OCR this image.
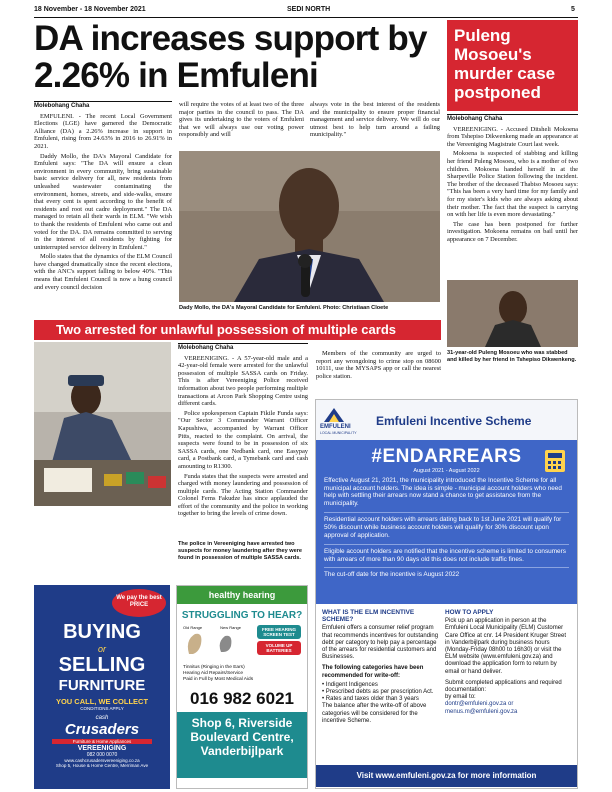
18 November - 18 November 2021	SEDI NORTH	5
DA increases support by 2.26% in Emfuleni
Molebohang Chaha

EMFULENI. - The recent Local Government Elections (LGE) have garnered the Democratic Alliance (DA) a 2.26% increase in support in Emfuleni, rising from 24.63% in 2016 to 26.91% in 2021.

Daddy Mollo, the DA's Mayoral Candidate for Emfuleni says: "The DA will ensure a clean environment in every community, bring sustainable basic service delivery for all, new residents from unleashed wastewater contaminating the environment, homes, streets, and side-walks, ensure that every cent is spent according to the benefit of residents and root out cadre deployment." The DA managed to retain all their wards in ELM. "We wish to thank the residents of Emfuleni who came out and voted for the DA. DA remains committed to serving in the interest of all residents by fighting for uninterrupted service delivery in Emfuleni."

Mollo states that the dynamics of the ELM Council have changed dramatically since the recent elections, with the ANC's support falling to below 40%. "This means that Emfuleni Council is now a hung council and every council decision

will require the votes of at least two of the three major parties in the council to pass. The DA gives its undertaking to the voters of Emfuleni that we will always use our voting power responsibly and will

always vote in the best interest of the residents and the municipality to ensure proper financial management and service delivery. We will do our utmost best to help turn around a failing municipality."

Dady Mollo, the DA's Mayoral Candidate for Emfuleni. Photo: Christiaan Cloete
Puleng Mosoeu's murder case postponed
Molebohang Chaha

VEREENIGING. - Accused Ditsheli Mokoena from Tshepiso Dikwenkeng made an appearance at the Vereeniging Magistrate Court last week.

Mokoena is suspected of stabbing and killing her friend Puleng Mosoeu, who is a mother of two children. Mokoena handed herself in at the Sharpeville Police Station following the incident. The brother of the deceased Thabiso Mosoeu says: "This has been a very hard time for my family and for my sister's kids who are always asking about their mother. The fact that the suspect is carrying on with her life is even more devastating."

The case has been postponed for further investigation. Mokoena remains on bail until her appearance on 7 December.

31-year-old Puleng Mosoeu who was stabbed and killed by her friend in Tshepiso Dikwenkeng.
Two arrested for unlawful possession of multiple cards
Molebohang Chaha

VEREENIGING. - A 57-year-old male and a 42-year-old female were arrested for the unlawful possession of multiple SASSA cards on Friday. This is after Vereeniging Police received information about two people performing multiple transactions at Arcon Park Shopping Centre using different cards.

Police spokesperson Captain Fikile Funda says: "Our Sector 3 Commander Warrant Officer Kapushiwa, accompanied by Warrant Officer Pitts, reacted to the complaint. On arrival, the suspects were found to be in possession of six SASSA cards, one Nedbank card, one Easypay card, a Postbank card, a Tymebank card and cash amounting to R1300.

Funda states that the suspects were arrested and charged with money laundering and possession of multiple cards. The Acting Station Commander Colonel Ferns Fakudze has since applauded the effort of the community and the police in working together to bring the levels of crime down.

The police in Vereeniging have arrested two suspects for money laundering after they were found in possession of multiple SASSA cards.

Members of the community are urged to report any wrongdoing to crime stop on 08600 10111, use the MYSAPS app or call the nearest police station.

We pay the best PRICE
BUYING
or
SELLING
FURNITURE
YOU CALL, WE COLLECT
CONDITIONS APPLY
cash
Crusaders
Furniture & Home Appliances
VEREENIGING
082 000 0070
www.cashcrusadersvereeniging.co.za
Shop 5, House & Home Centre, Merriman Ave
healthy hearing
STRUGGLING TO HEAR?
Old Range	New Range	FREE HEARING SCREEN TEST
VOLUME UP BATTERIES
Tinnitus (Ringing in the Ears)
Hearing Aid Repairs/Service
Paid in Full by Most Medical Aids
016 982 6021
Shop 6, Riverside
Boulevard Centre,
Vanderbijlpark
EMFULENI
LOCAL MUNICIPALITY
Emfuleni Incentive Scheme
#ENDARREARS
August 2021 - August 2022
Effective August 21, 2021, the municipality introduced the Incentive Scheme for all municipal account holders. The idea is simple - municipal account holders who need help with settling their arrears now stand a chance to get assistance from the municipality.
Residential account holders with arrears dating back to 1st June 2021 will qualify for 50% discount while business account holders will qualify for 30% discount upon approval of application.
Eligible account holders are notified that the incentive scheme is limited to consumers with arrears of more than 90 days old this does not include traffic fines.
The cut-off date for the incentive is August 2022
WHAT IS THE ELM INCENTIVE SCHEME?
Emfuleni offers a consumer relief program that recommends incentives for outstanding debt per category to help pay a percentage of the arrears for residential customers and Businesses.
The following categories have been recommended for write-off:
• Indigent Indigences
• Prescribed debts as per prescription Act.
• Rates and taxes older than 3 years
The balance after the write-off of above categories will be considered for the incentive Scheme.
HOW TO APPLY
Pick up an application in person at the Emfuleni Local Municipality (ELM) Customer Care Office at cnr. 14 President Kruger Street in Vanderbijlpark during business hours (Monday-Friday 08h00 to 16h30) or visit the ELM website (www.emfuleni.gov.za) and download the application form to return by email or hand deliver.
Submit completed applications and required documentation:
by email to:
dontr@emfuleni.gov.za or
menus.m@emfuleni.gov.za
Visit www.emfuleni.gov.za for more information
